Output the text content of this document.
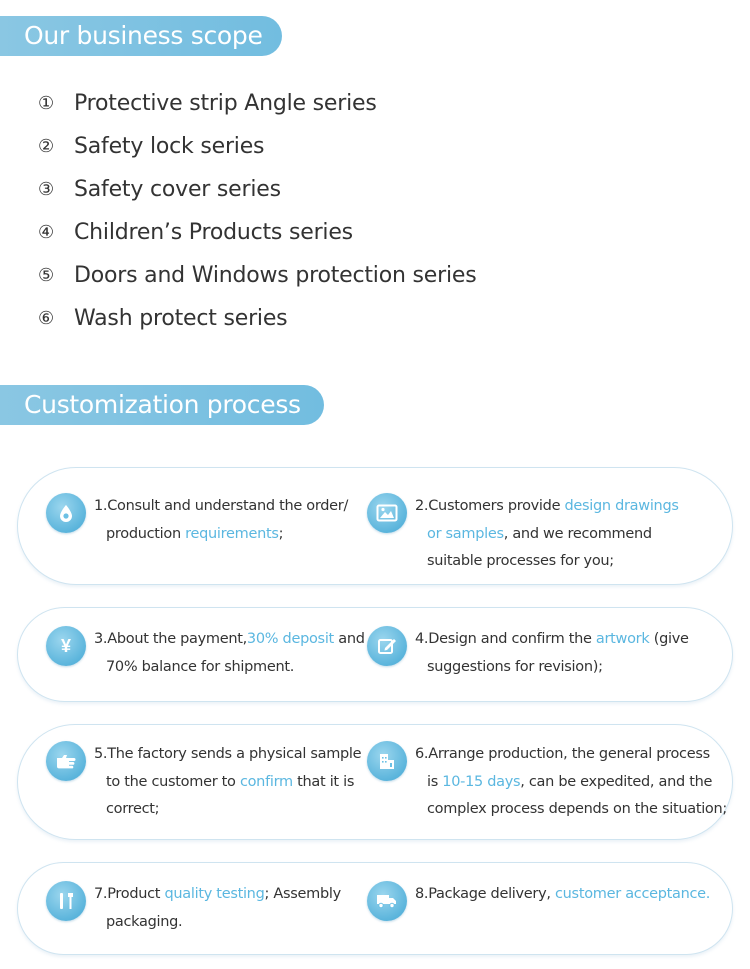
Our business scope
① Protective strip Angle series
② Safety lock series
③ Safety cover series
④ Children’s Products series
⑤ Doors and Windows protection series
⑥ Wash protect series
Customization process
1.Consult and understand the order/
production requirements;
2.Customers provide design drawings
or samples, and we recommend
suitable processes for you;
¥	3.About the payment,30% deposit and
70% balance for shipment.
4.Design and confirm the artwork (give
suggestions for revision);
5.The factory sends a physical sample
to the customer to confirm that it is
correct;
6.Arrange production, the general process
is 10-15 days, can be expedited, and the
complex process depends on the situation;
7.Product quality testing; Assembly
packaging.
8.Package delivery, customer acceptance.
